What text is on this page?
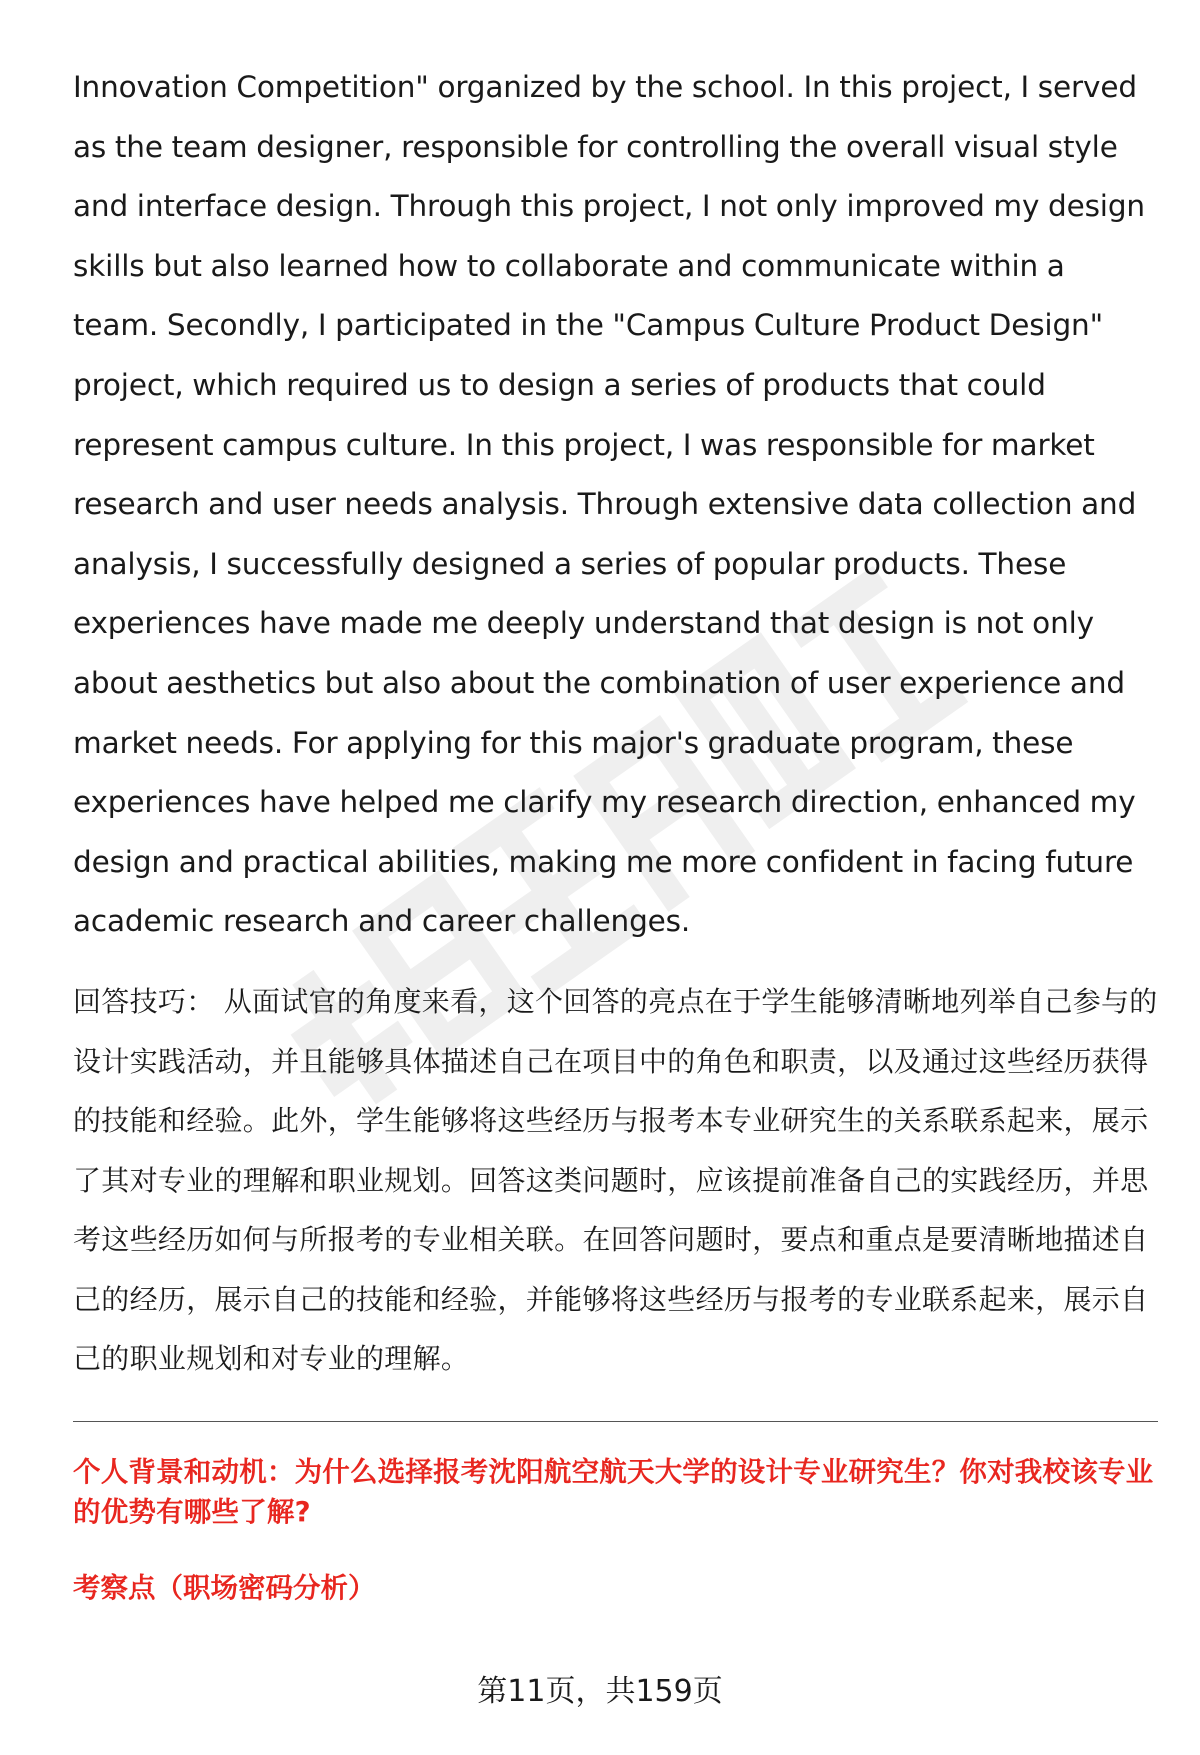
Innovation Competition" organized by the school. In this project, I served as the team designer, responsible for controlling the overall visual style and interface design. Through this project, I not only improved my design skills but also learned how to collaborate and communicate within a team. Secondly, I participated in the "Campus Culture Product Design" project, which required us to design a series of products that could represent campus culture. In this project, I was responsible for market research and user needs analysis. Through extensive data collection and analysis, I successfully designed a series of popular products. These experiences have made me deeply understand that design is not only about aesthetics but also about the combination of user experience and market needs. For applying for this major's graduate program, these experiences have helped me clarify my research direction, enhanced my design and practical abilities, making me more confident in facing future academic research and career challenges.

回答技巧： 从面试官的角度来看，这个回答的亮点在于学生能够清晰地列举自己参与的设计实践活动，并且能够具体描述自己在项目中的角色和职责，以及通过这些经历获得的技能和经验。此外，学生能够将这些经历与报考本专业研究生的关系联系起来，展示了其对专业的理解和职业规划。回答这类问题时，应该提前准备自己的实践经历，并思考这些经历如何与所报考的专业相关联。在回答问题时，要点和重点是要清晰地描述自己的经历，展示自己的技能和经验，并能够将这些经历与报考的专业联系起来，展示自己的职业规划和对专业的理解。

个人背景和动机：为什么选择报考沈阳航空航天大学的设计专业研究生？你对我校该专业的优势有哪些了解?
考察点（职场密码分析）
第11页，共159页
